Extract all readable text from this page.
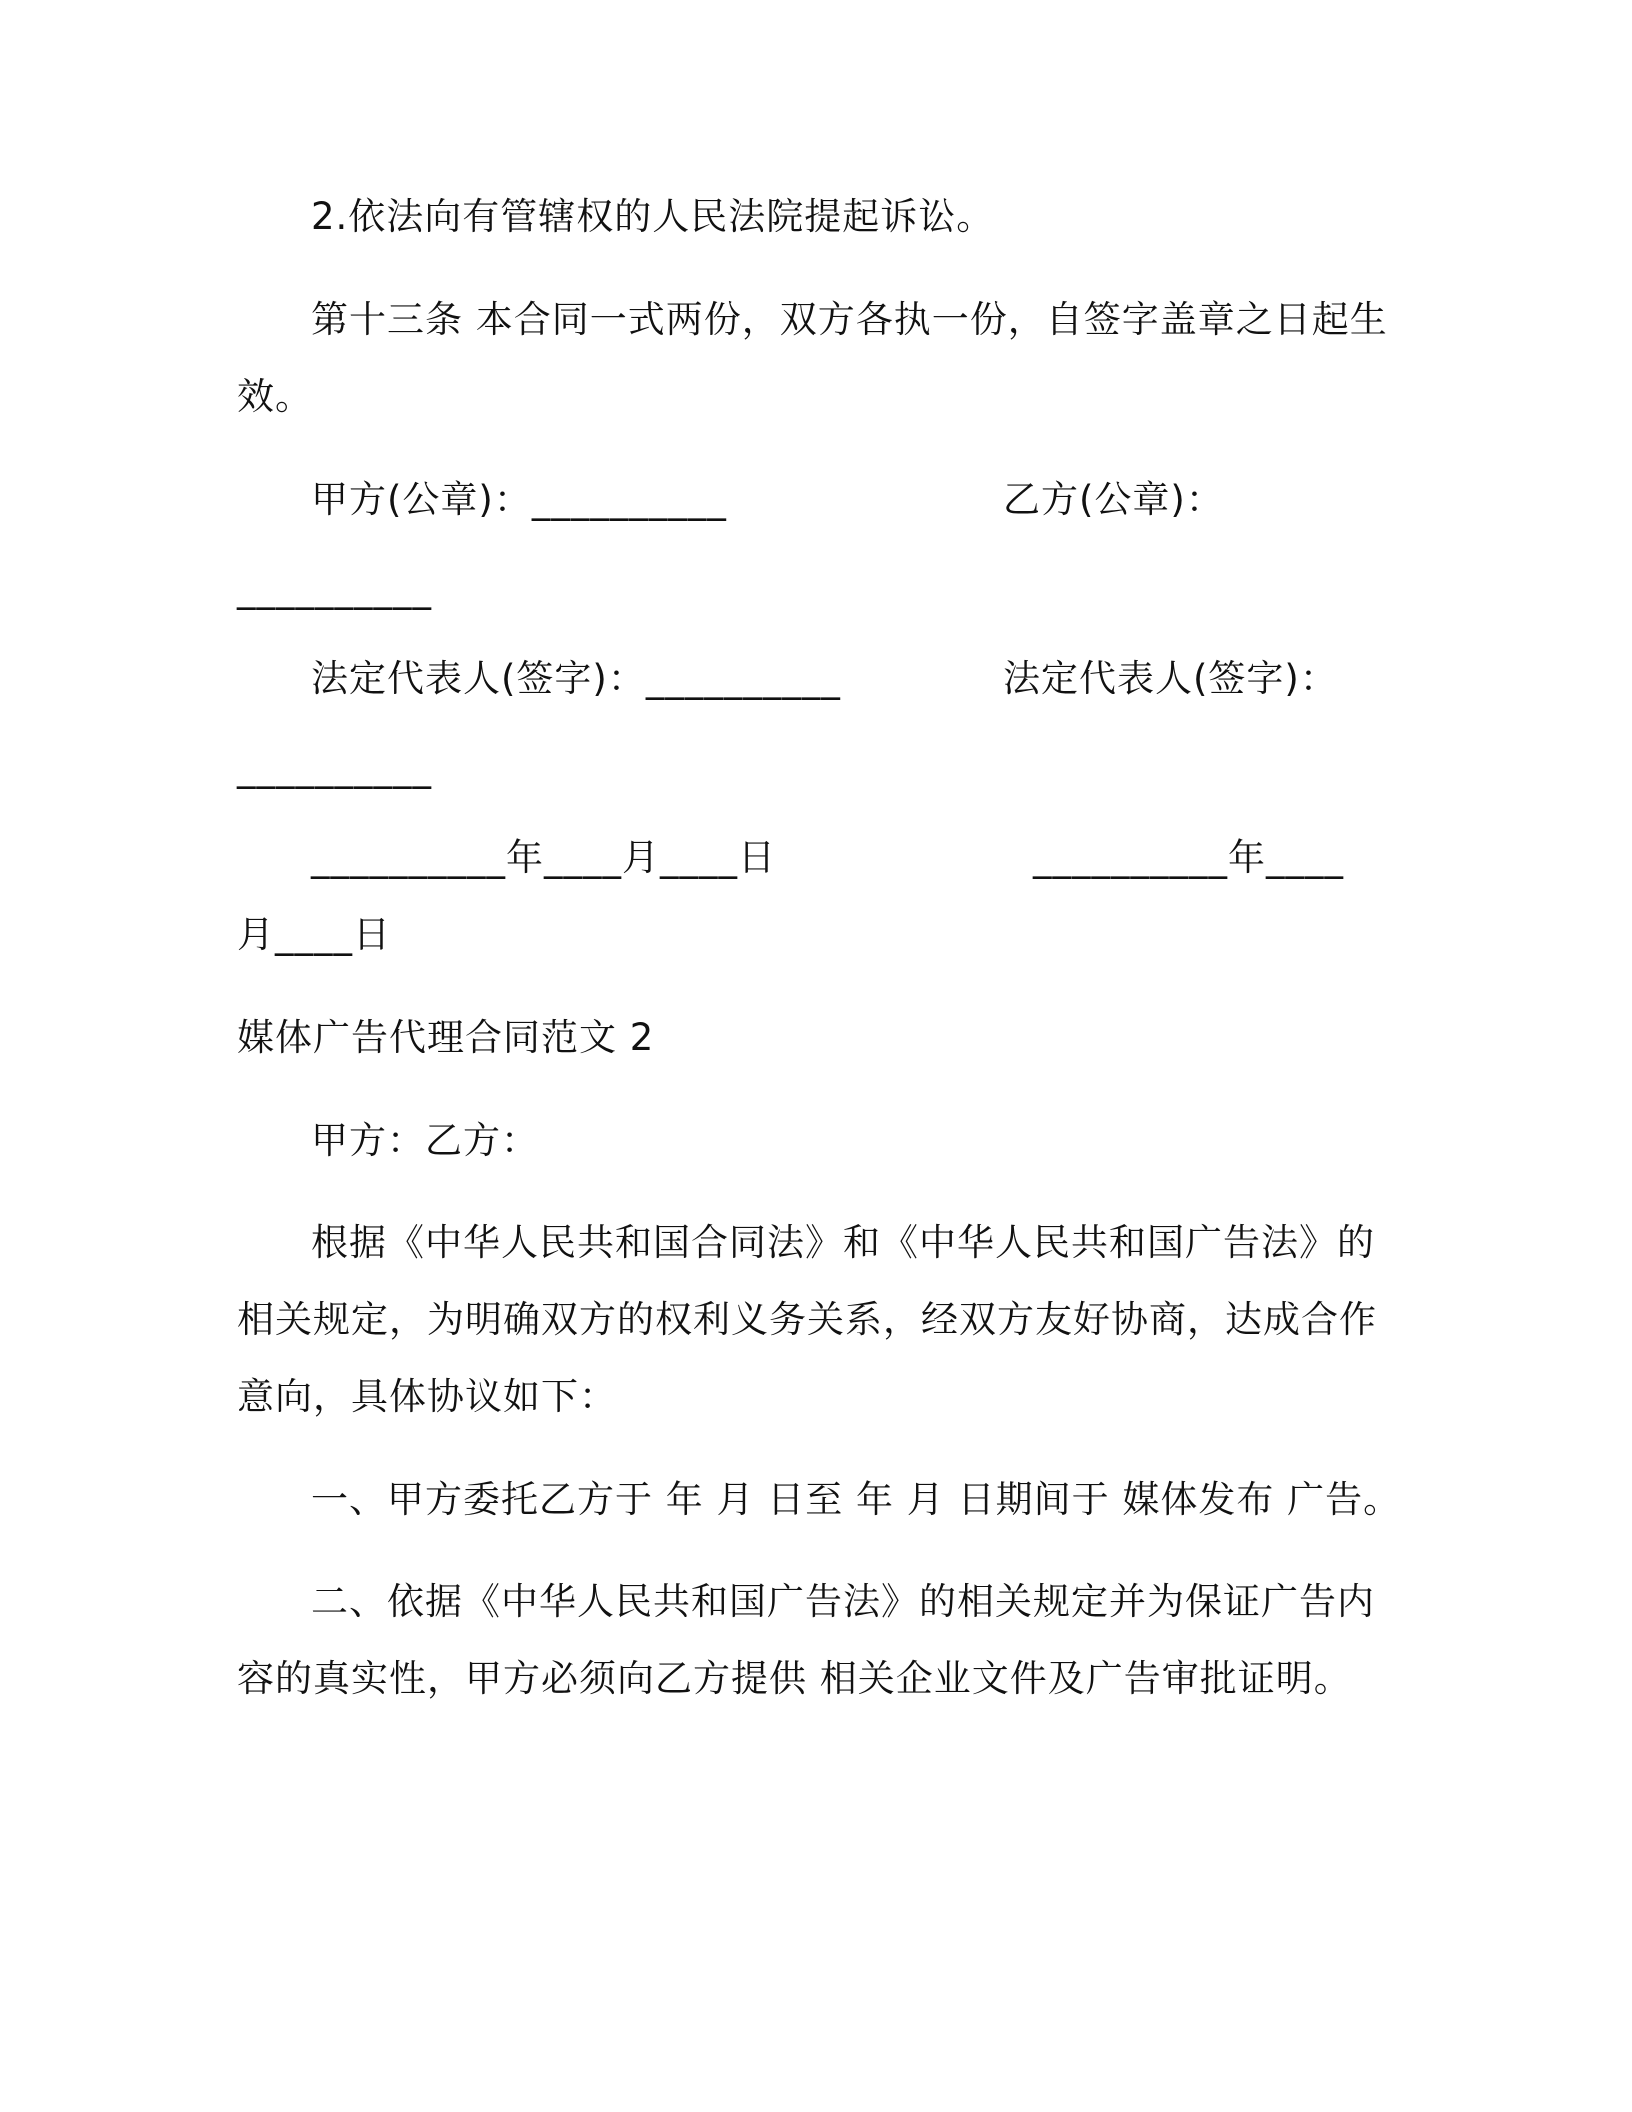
2.依法向有管辖权的人民法院提起诉讼。
第十三条 本合同一式两份，双方各执一份，自签字盖章之日起生
效。
甲方(公章)：__________	乙方(公章)：
__________
法定代表人(签字)：__________	法定代表人(签字)：
__________
__________年____月____日	__________年____
月____日
媒体广告代理合同范文 2
甲方：乙方：
根据《中华人民共和国合同法》和《中华人民共和国广告法》的
相关规定，为明确双方的权利义务关系，经双方友好协商，达成合作
意向，具体协议如下：
一、甲方委托乙方于 年 月 日至 年 月 日期间于 媒体发布 广告。
二、依据《中华人民共和国广告法》的相关规定并为保证广告内
容的真实性，甲方必须向乙方提供 相关企业文件及广告审批证明。
